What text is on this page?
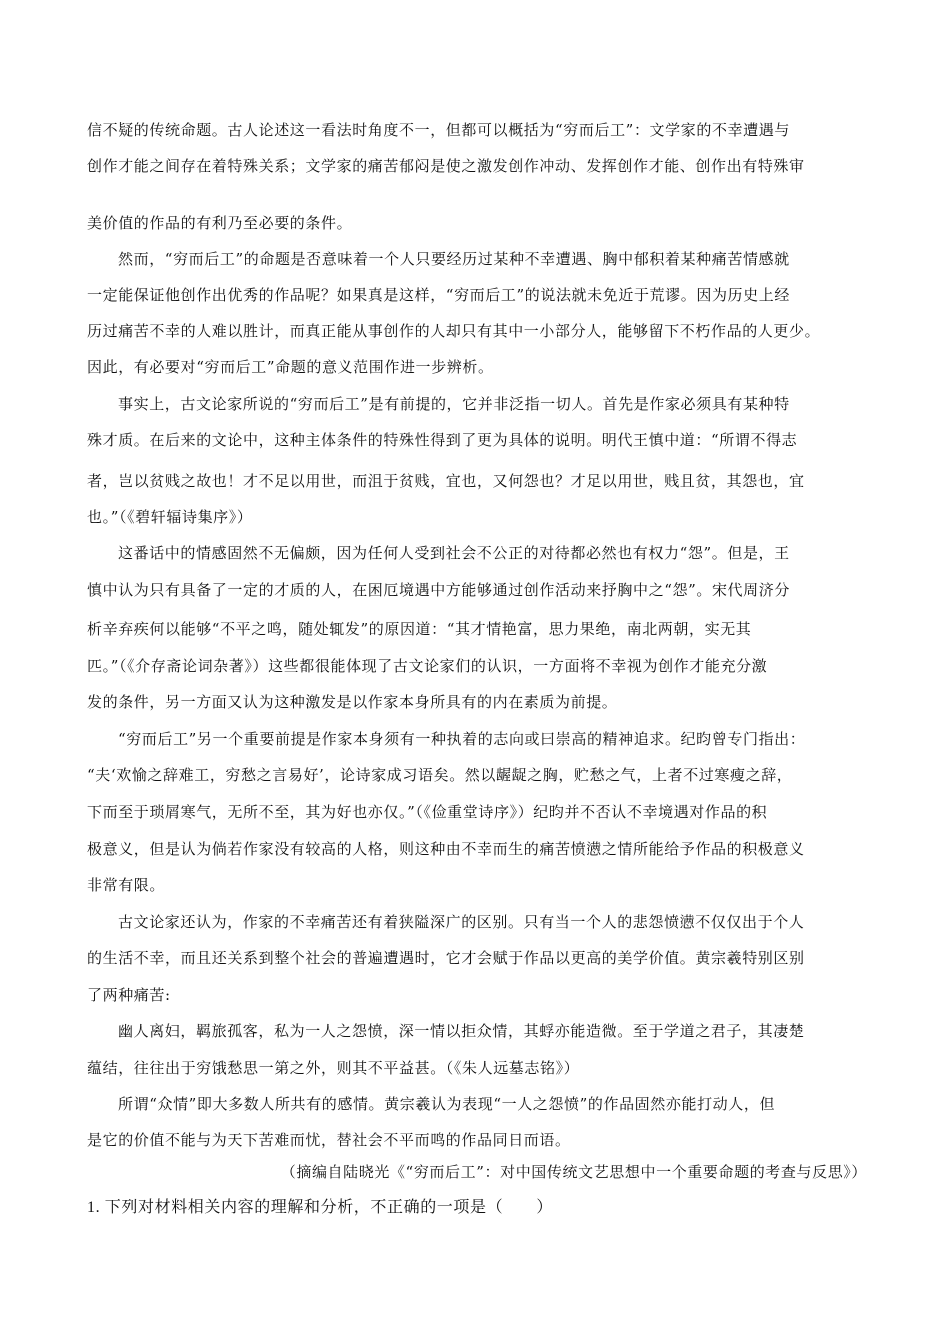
信不疑的传统命题。古人论述这一看法时角度不一，但都可以概括为“穷而后工”：文学家的不幸遭遇与
创作才能之间存在着特殊关系；文学家的痛苦郁闷是使之激发创作冲动、发挥创作才能、创作出有特殊审
美价值的作品的有利乃至必要的条件。
然而，“穷而后工”的命题是否意味着一个人只要经历过某种不幸遭遇、胸中郁积着某种痛苦情感就
一定能保证他创作出优秀的作品呢？如果真是这样，“穷而后工”的说法就未免近于荒谬。因为历史上经
历过痛苦不幸的人难以胜计，而真正能从事创作的人却只有其中一小部分人，能够留下不朽作品的人更少。
因此，有必要对“穷而后工”命题的意义范围作进一步辨析。
事实上，古文论家所说的“穷而后工”是有前提的，它并非泛指一切人。首先是作家必须具有某种特
殊才质。在后来的文论中，这种主体条件的特殊性得到了更为具体的说明。明代王慎中道：“所谓不得志
者，岂以贫贱之故也！才不足以用世，而沮于贫贱，宜也，又何怨也？才足以用世，贱且贫，其怨也，宜
也。”（《碧轩辐诗集序》）
这番话中的情感固然不无偏颇，因为任何人受到社会不公正的对待都必然也有权力“怨”。但是，王
慎中认为只有具备了一定的才质的人，在困厄境遇中方能够通过创作活动来抒胸中之“怨”。宋代周济分
析辛弃疾何以能够“不平之鸣，随处辄发”的原因道：“其才情艳富，思力果绝，南北两朝，实无其
匹。”（《介存斋论词杂著》）这些都很能体现了古文论家们的认识，一方面将不幸视为创作才能充分激
发的条件，另一方面又认为这种激发是以作家本身所具有的内在素质为前提。
“穷而后工”另一个重要前提是作家本身须有一种执着的志向或曰崇高的精神追求。纪昀曾专门指出：
“夫‘欢愉之辞难工，穷愁之言易好’，论诗家成习语矣。然以龌龊之胸，贮愁之气，上者不过寒瘦之辞，
下而至于琐屑寒气，无所不至，其为好也亦仅。”（《俭重堂诗序》）纪昀并不否认不幸境遇对作品的积
极意义，但是认为倘若作家没有较高的人格，则这种由不幸而生的痛苦愤懑之情所能给予作品的积极意义
非常有限。
古文论家还认为，作家的不幸痛苦还有着狭隘深广的区别。只有当一个人的悲怨愤懑不仅仅出于个人
的生活不幸，而且还关系到整个社会的普遍遭遇时，它才会赋于作品以更高的美学价值。黄宗羲特别区别
了两种痛苦:
幽人离妇，羁旅孤客，私为一人之怨愤，深一情以拒众情，其蜉亦能造微。至于学道之君子，其凄楚
蕴结，往往出于穷饿愁思一第之外，则其不平益甚。（《朱人远墓志铭》）
所谓“众情”即大多数人所共有的感情。黄宗羲认为表现“一人之怨愤”的作品固然亦能打动人，但
是它的价值不能与为天下苦难而忧，替社会不平而鸣的作品同日而语。
（摘编自陆晓光《“穷而后工”：对中国传统文艺思想中一个重要命题的考查与反思》）
1. 下列对材料相关内容的理解和分析，不正确的一项是（　　）
